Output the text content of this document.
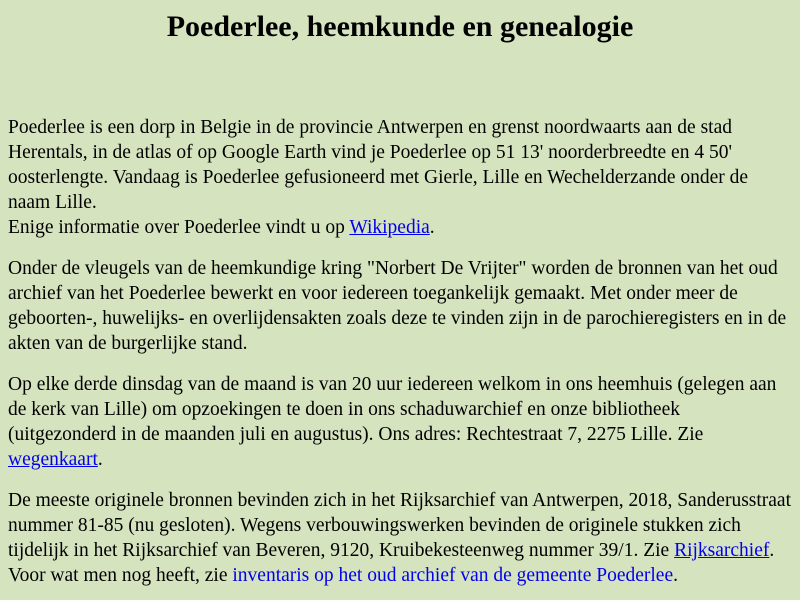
Poederlee, heemkunde en genealogie

Poederlee is een dorp in Belgie in de provincie Antwerpen en grenst noordwaarts aan de stad Herentals, in de atlas of op Google Earth vind je Poederlee op 51 13' noorderbreedte en 4 50' oosterlengte. Vandaag is Poederlee gefusioneerd met Gierle, Lille en Wechelderzande onder de naam Lille.
Enige informatie over Poederlee vindt u op Wikipedia.

Onder de vleugels van de heemkundige kring "Norbert De Vrijter" worden de bronnen van het oud archief van het Poederlee bewerkt en voor iedereen toegankelijk gemaakt. Met onder meer de geboorten-, huwelijks- en overlijdensakten zoals deze te vinden zijn in de parochieregisters en in de akten van de burgerlijke stand.

Op elke derde dinsdag van de maand is van 20 uur iedereen welkom in ons heemhuis (gelegen aan de kerk van Lille) om opzoekingen te doen in ons schaduwarchief en onze bibliotheek (uitgezonderd in de maanden juli en augustus). Ons adres: Rechtestraat 7, 2275 Lille. Zie wegenkaart.

De meeste originele bronnen bevinden zich in het Rijksarchief van Antwerpen, 2018, Sanderusstraat nummer 81-85 (nu gesloten). Wegens verbouwingswerken bevinden de originele stukken zich tijdelijk in het Rijksarchief van Beveren, 9120, Kruibekesteenweg nummer 39/1. Zie Rijksarchief.
Voor wat men nog heeft, zie inventaris op het oud archief van de gemeente Poederlee.
